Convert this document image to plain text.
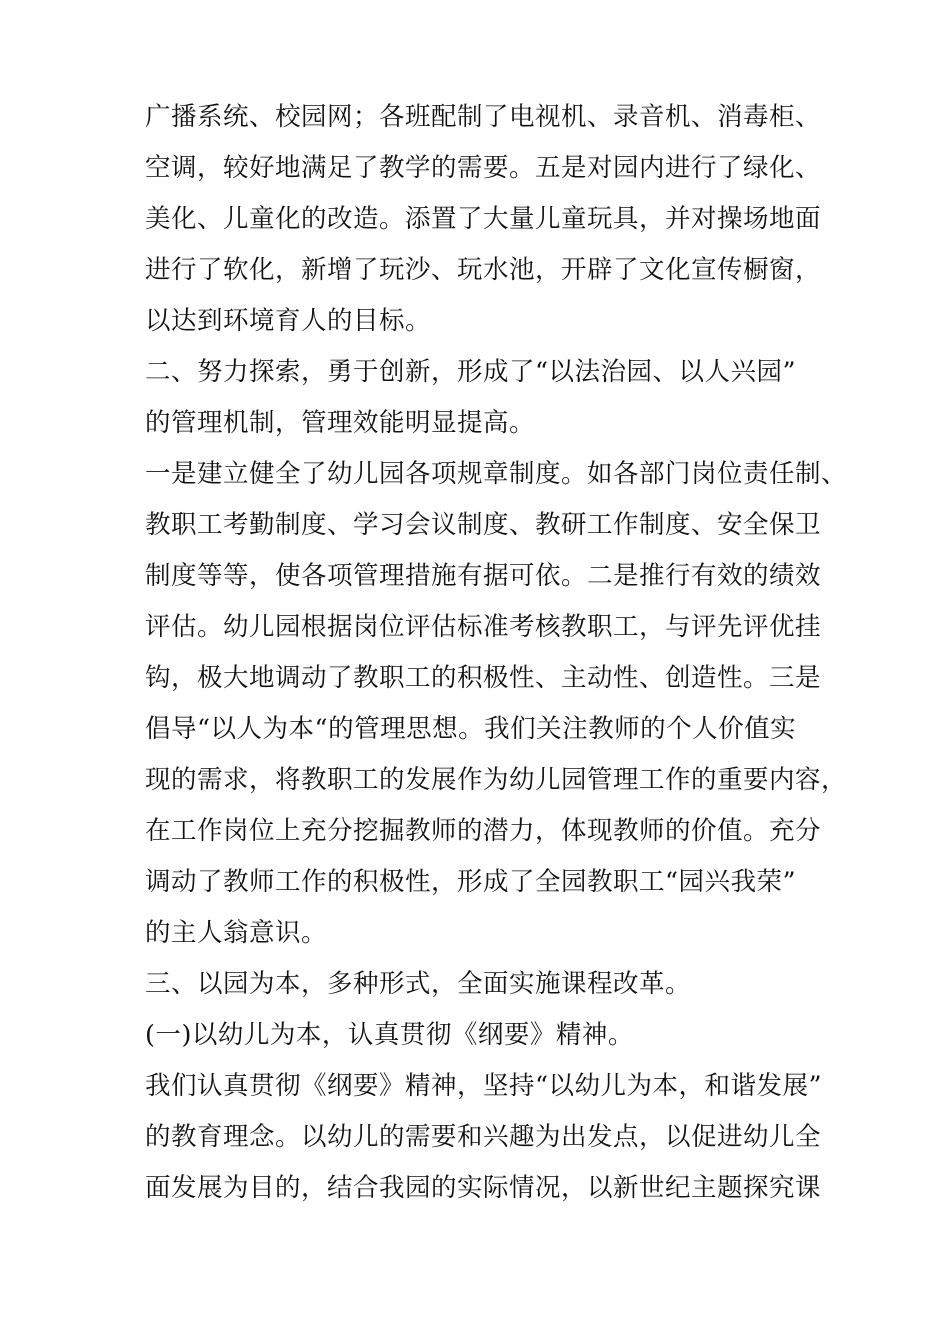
广播系统、校园网；各班配制了电视机、录音机、消毒柜、
空调，较好地满足了教学的需要。五是对园内进行了绿化、
美化、儿童化的改造。添置了大量儿童玩具，并对操场地面
进行了软化，新增了玩沙、玩水池，开辟了文化宣传橱窗，
以达到环境育人的目标。
二、努力探索，勇于创新，形成了“以法治园、以人兴园”
的管理机制，管理效能明显提高。
一是建立健全了幼儿园各项规章制度。如各部门岗位责任制、
教职工考勤制度、学习会议制度、教研工作制度、安全保卫
制度等等，使各项管理措施有据可依。二是推行有效的绩效
评估。幼儿园根据岗位评估标准考核教职工，与评先评优挂
钩，极大地调动了教职工的积极性、主动性、创造性。三是
倡导“以人为本“的管理思想。我们关注教师的个人价值实
现的需求，将教职工的发展作为幼儿园管理工作的重要内容，
在工作岗位上充分挖掘教师的潜力，体现教师的价值。充分
调动了教师工作的积极性，形成了全园教职工“园兴我荣”
的主人翁意识。
三、以园为本，多种形式，全面实施课程改革。
(一)以幼儿为本，认真贯彻《纲要》精神。
我们认真贯彻《纲要》精神，坚持“以幼儿为本，和谐发展”
的教育理念。以幼儿的需要和兴趣为出发点，以促进幼儿全
面发展为目的，结合我园的实际情况，以新世纪主题探究课
